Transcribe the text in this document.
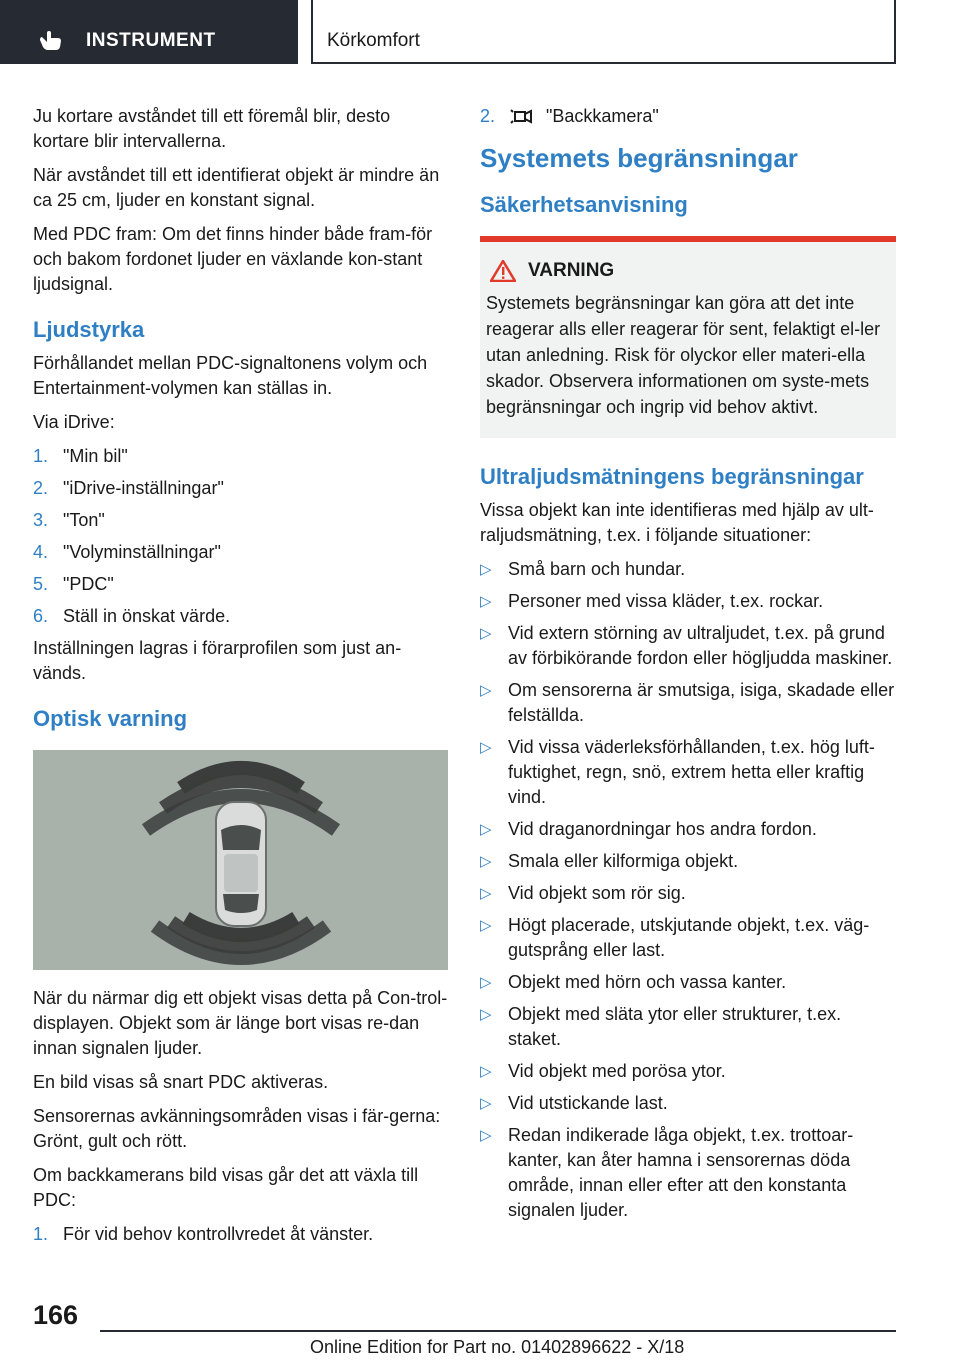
INSTRUMENT	Körkomfort

Ju kortare avståndet till ett föremål blir, desto kortare blir intervallerna.

När avståndet till ett identifierat objekt är mindre än ca 25 cm, ljuder en konstant signal.

Med PDC fram: Om det finns hinder både fram‐för och bakom fordonet ljuder en växlande kon‐stant ljudsignal.

Ljudstyrka

Förhållandet mellan PDC-signaltonens volym och Entertainment-volymen kan ställas in.

Via iDrive:

1. "Min bil"
2. "iDrive-inställningar"
3. "Ton"
4. "Volyminställningar"
5. "PDC"
6. Ställ in önskat värde.

Inställningen lagras i förarprofilen som just an‐vänds.

Optisk varning

När du närmar dig ett objekt visas detta på Con‐trol-displayen. Objekt som är länge bort visas re‐dan innan signalen ljuder.

En bild visas så snart PDC aktiveras.

Sensorernas avkänningsområden visas i fär‐gerna: Grönt, gult och rött.

Om backkamerans bild visas går det att växla till PDC:

1. För vid behov kontrollvredet åt vänster.
2.	"Backkamera"
Systemets begränsningar
Säkerhetsanvisning
VARNING
Systemets begränsningar kan göra att det inte reagerar alls eller reagerar för sent, felaktigt el‐ler utan anledning. Risk för olyckor eller materi‐ella skador. Observera informationen om syste‐mets begränsningar och ingrip vid behov aktivt.
Ultraljudsmätningens begränsningar

Vissa objekt kan inte identifieras med hjälp av ult‐raljudsmätning, t.ex. i följande situationer:

▷ Små barn och hundar.
▷ Personer med vissa kläder, t.ex. rockar.
▷ Vid extern störning av ultraljudet, t.ex. på grund av förbikörande fordon eller högljudda maskiner.
▷ Om sensorerna är smutsiga, isiga, skadade eller felställda.
▷ Vid vissa väderleksförhållanden, t.ex. hög luft‐fuktighet, regn, snö, extrem hetta eller kraftig vind.
▷ Vid draganordningar hos andra fordon.
▷ Smala eller kilformiga objekt.
▷ Vid objekt som rör sig.
▷ Högt placerade, utskjutande objekt, t.ex. väg‐gutsprång eller last.
▷ Objekt med hörn och vassa kanter.
▷ Objekt med släta ytor eller strukturer, t.ex. staket.
▷ Vid objekt med porösa ytor.
▷ Vid utstickande last.
▷ Redan indikerade låga objekt, t.ex. trottoar‐kanter, kan åter hamna i sensorernas döda område, innan eller efter att den konstanta signalen ljuder.
166
Online Edition for Part no. 01402896622 - X/18
